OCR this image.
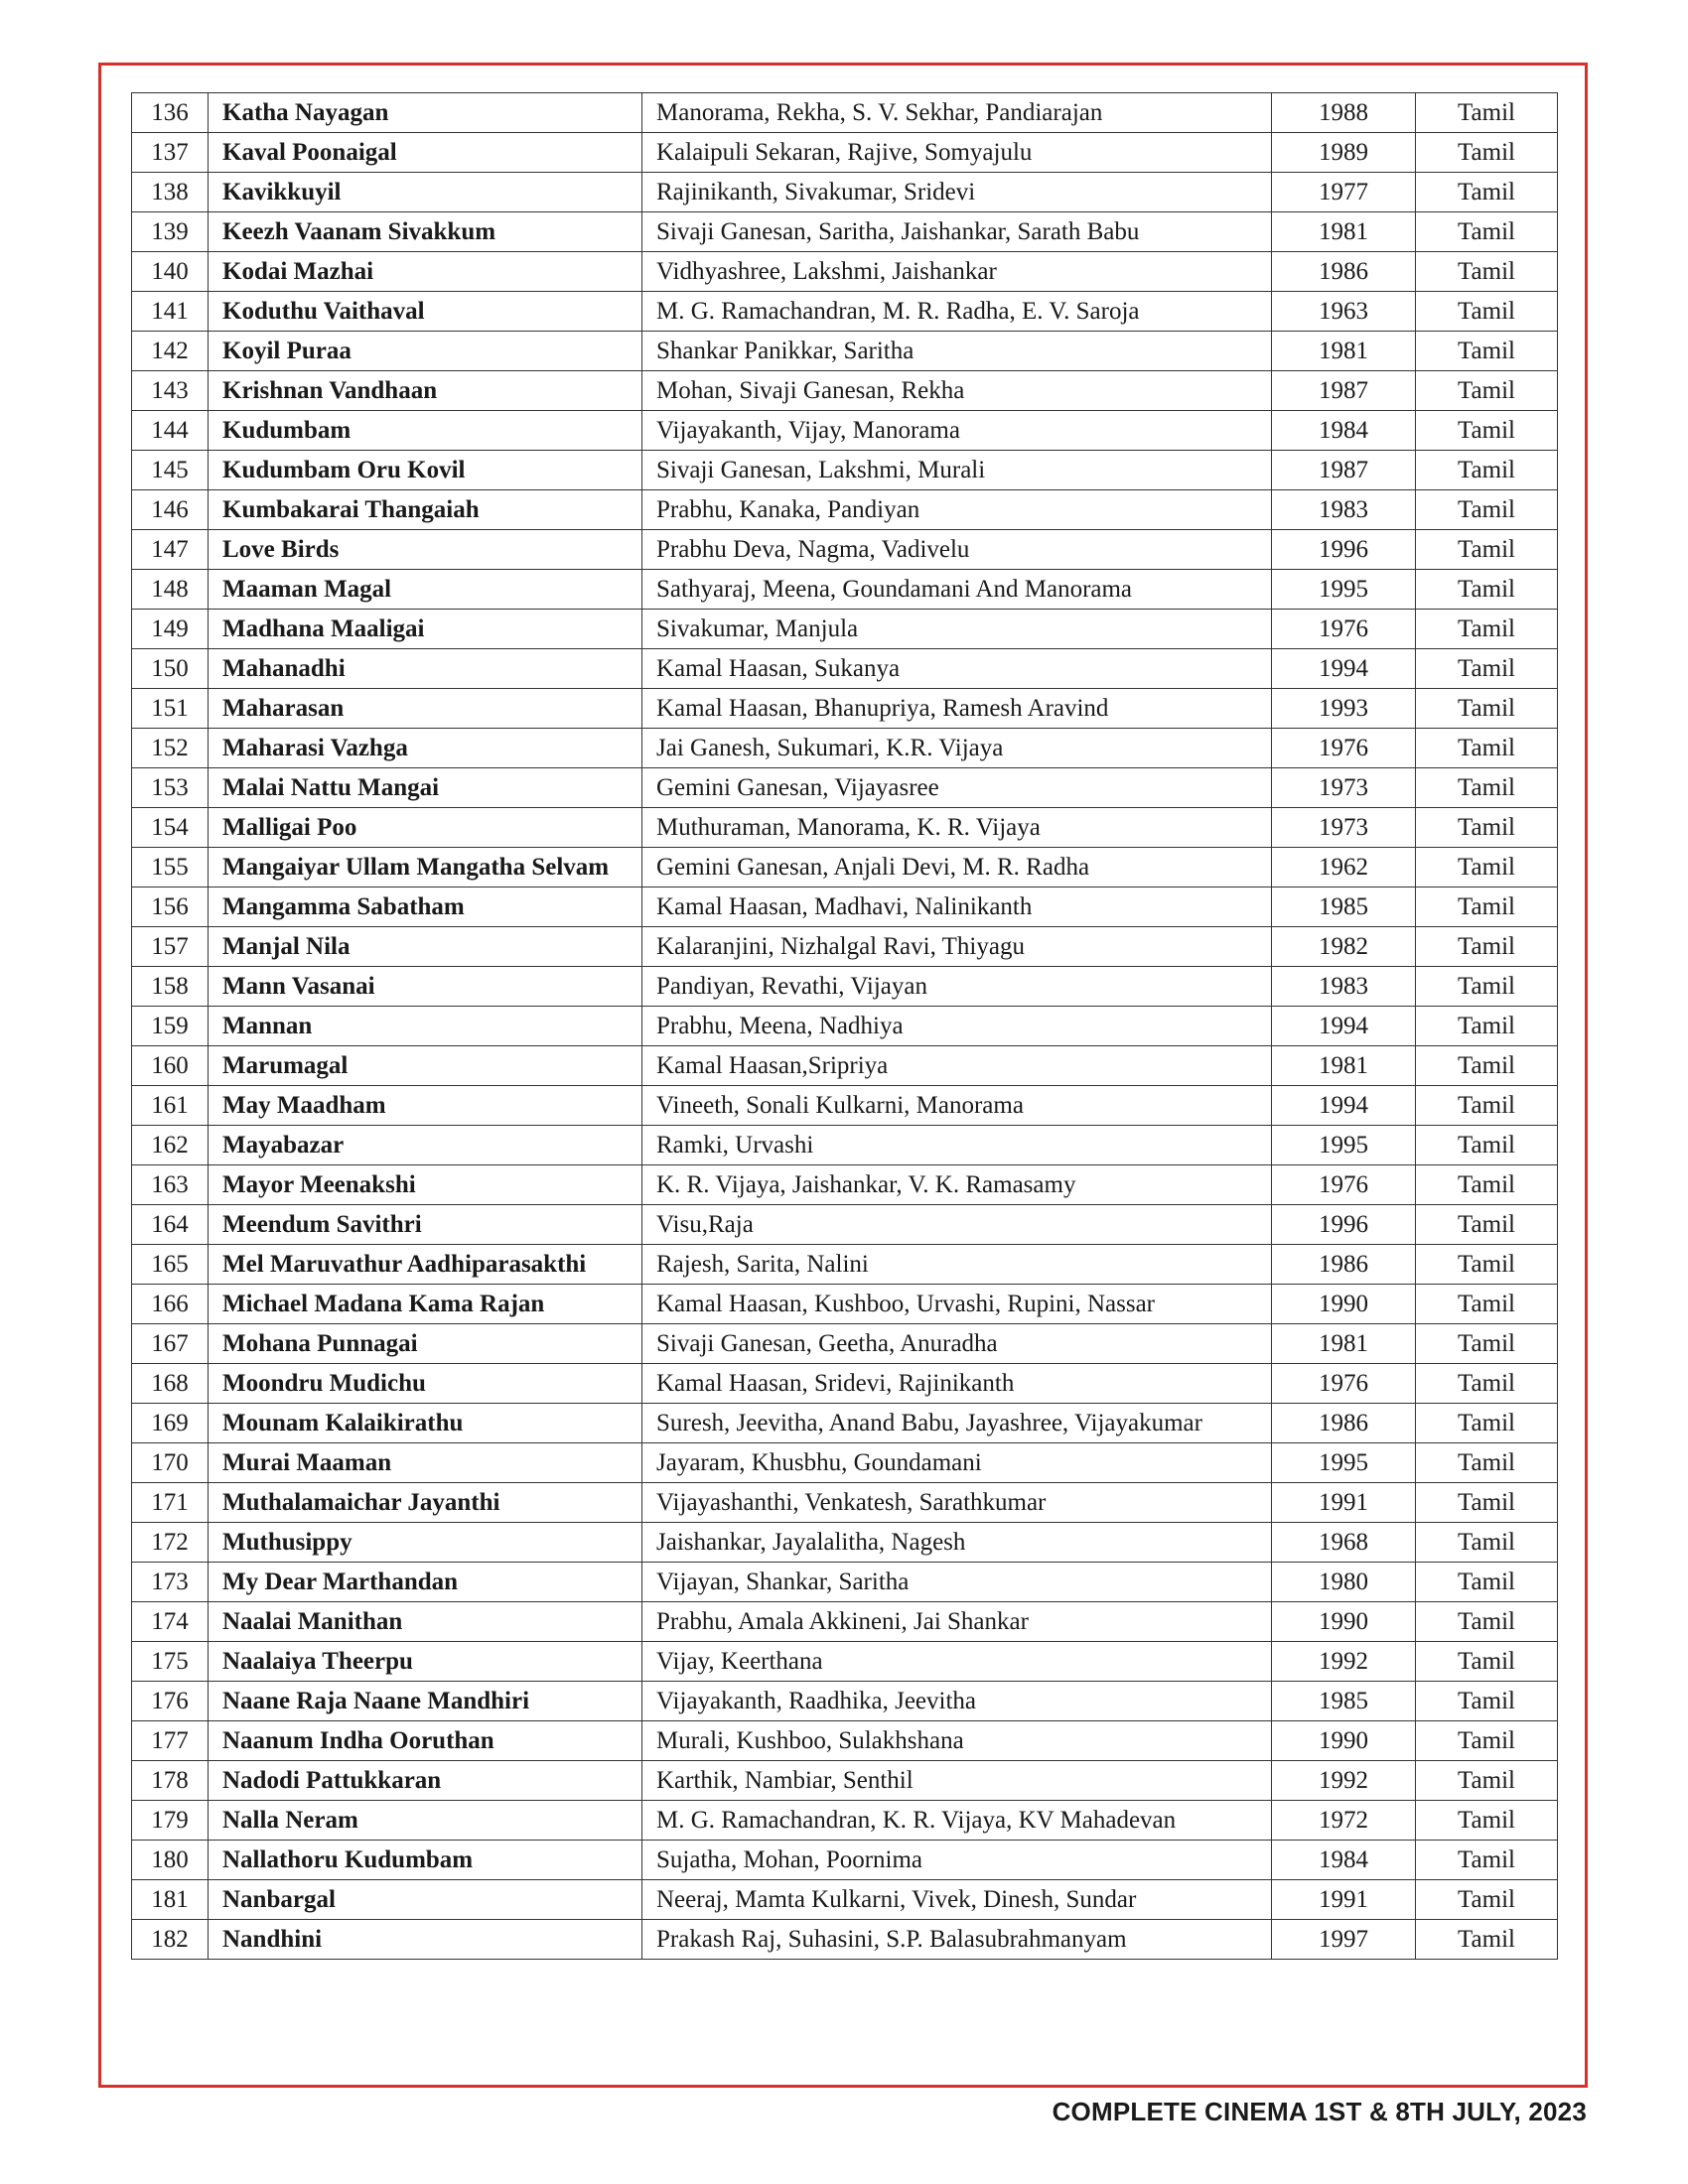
136	Katha Nayagan	Manorama, Rekha, S. V. Sekhar, Pandiarajan	1988	Tamil
137	Kaval Poonaigal	Kalaipuli Sekaran, Rajive, Somyajulu	1989	Tamil
138	Kavikkuyil	Rajinikanth, Sivakumar, Sridevi	1977	Tamil
139	Keezh Vaanam Sivakkum	Sivaji Ganesan, Saritha, Jaishankar, Sarath Babu	1981	Tamil
140	Kodai Mazhai	Vidhyashree, Lakshmi, Jaishankar	1986	Tamil
141	Koduthu Vaithaval	M. G. Ramachandran, M. R. Radha, E. V. Saroja	1963	Tamil
142	Koyil Puraa	Shankar Panikkar, Saritha	1981	Tamil
143	Krishnan Vandhaan	Mohan, Sivaji Ganesan, Rekha	1987	Tamil
144	Kudumbam	Vijayakanth, Vijay, Manorama	1984	Tamil
145	Kudumbam Oru Kovil	Sivaji Ganesan, Lakshmi, Murali	1987	Tamil
146	Kumbakarai Thangaiah	Prabhu, Kanaka, Pandiyan	1983	Tamil
147	Love Birds	Prabhu Deva, Nagma, Vadivelu	1996	Tamil
148	Maaman Magal	Sathyaraj, Meena, Goundamani And Manorama	1995	Tamil
149	Madhana Maaligai	Sivakumar, Manjula	1976	Tamil
150	Mahanadhi	Kamal Haasan, Sukanya	1994	Tamil
151	Maharasan	Kamal Haasan, Bhanupriya, Ramesh Aravind	1993	Tamil
152	Maharasi Vazhga	Jai Ganesh, Sukumari, K.R. Vijaya	1976	Tamil
153	Malai Nattu Mangai	Gemini Ganesan, Vijayasree	1973	Tamil
154	Malligai Poo	Muthuraman, Manorama, K. R. Vijaya	1973	Tamil
155	Mangaiyar Ullam Mangatha Selvam	Gemini Ganesan, Anjali Devi, M. R. Radha	1962	Tamil
156	Mangamma Sabatham	Kamal Haasan, Madhavi, Nalinikanth	1985	Tamil
157	Manjal Nila	Kalaranjini, Nizhalgal Ravi, Thiyagu	1982	Tamil
158	Mann Vasanai	Pandiyan, Revathi, Vijayan	1983	Tamil
159	Mannan	Prabhu, Meena, Nadhiya	1994	Tamil
160	Marumagal	Kamal Haasan,Sripriya	1981	Tamil
161	May Maadham	Vineeth, Sonali Kulkarni, Manorama	1994	Tamil
162	Mayabazar	Ramki, Urvashi	1995	Tamil
163	Mayor Meenakshi	K. R. Vijaya, Jaishankar, V. K. Ramasamy	1976	Tamil
164	Meendum Savithri	Visu,Raja	1996	Tamil
165	Mel Maruvathur Aadhiparasakthi	Rajesh, Sarita, Nalini	1986	Tamil
166	Michael Madana Kama Rajan	Kamal Haasan, Kushboo, Urvashi, Rupini, Nassar	1990	Tamil
167	Mohana Punnagai	Sivaji Ganesan, Geetha, Anuradha	1981	Tamil
168	Moondru Mudichu	Kamal Haasan, Sridevi, Rajinikanth	1976	Tamil
169	Mounam Kalaikirathu	Suresh, Jeevitha, Anand Babu, Jayashree, Vijayakumar	1986	Tamil
170	Murai Maaman	Jayaram, Khusbhu, Goundamani	1995	Tamil
171	Muthalamaichar Jayanthi	Vijayashanthi, Venkatesh, Sarathkumar	1991	Tamil
172	Muthusippy	Jaishankar, Jayalalitha, Nagesh	1968	Tamil
173	My Dear Marthandan	Vijayan, Shankar, Saritha	1980	Tamil
174	Naalai Manithan	Prabhu, Amala Akkineni, Jai Shankar	1990	Tamil
175	Naalaiya Theerpu	Vijay, Keerthana	1992	Tamil
176	Naane Raja Naane Mandhiri	Vijayakanth, Raadhika, Jeevitha	1985	Tamil
177	Naanum Indha Ooruthan	Murali, Kushboo, Sulakhshana	1990	Tamil
178	Nadodi Pattukkaran	Karthik, Nambiar, Senthil	1992	Tamil
179	Nalla Neram	M. G. Ramachandran, K. R. Vijaya, KV Mahadevan	1972	Tamil
180	Nallathoru Kudumbam	Sujatha, Mohan, Poornima	1984	Tamil
181	Nanbargal	Neeraj, Mamta Kulkarni, Vivek, Dinesh, Sundar	1991	Tamil
182	Nandhini	Prakash Raj, Suhasini, S.P. Balasubrahmanyam	1997	Tamil
COMPLETE CINEMA 1ST & 8TH JULY, 2023
